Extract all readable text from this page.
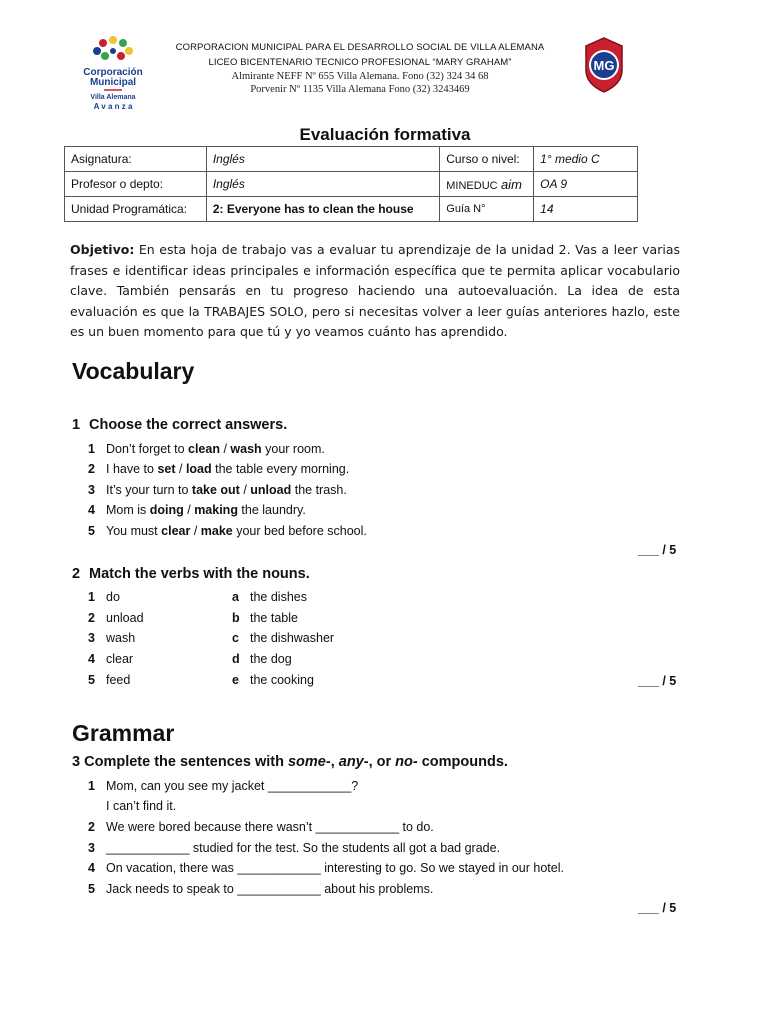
Corporación
Municipal
Villa Alemana
A v a n z a
MG
CORPORACION MUNICIPAL PARA EL DESARROLLO SOCIAL DE VILLA ALEMANA
LICEO BICENTENARIO TECNICO PROFESIONAL “MARY GRAHAM”
Almirante NEFF Nº 655 Villa Alemana. Fono (32) 324 34 68
Porvenir Nº 1135 Villa Alemana Fono (32) 3243469
Evaluación formativa
Asignatura:	Inglés	Curso o nivel:	1° medio C
Profesor o depto:	Inglés	MINEDUC aim	OA 9
Unidad Programática:	2: Everyone has to clean the house	Guía N°	14
Objetivo: En esta hoja de trabajo vas a evaluar tu aprendizaje de la unidad 2. Vas a leer varias frases e identificar ideas principales e información específica que te permita aplicar vocabulario clave. También pensarás en tu progreso haciendo una autoevaluación. La idea de esta evaluación es que la TRABAJES SOLO, pero si necesitas volver a leer guías anteriores hazlo, este es un buen momento para que tú y yo veamos cuánto has aprendido.
Vocabulary
1 Choose the correct answers.
1 Don’t forget to clean / wash your room.
2 I have to set / load the table every morning.
3 It’s your turn to take out / unload the trash.
4 Mom is doing / making the laundry.
5 You must clear / make your bed before school.
___ / 5
2 Match the verbs with the nouns.
1 do	a the dishes
2 unload	b the table
3 wash	c the dishwasher
4 clear	d the dog
5 feed	e the cooking	___ / 5
Grammar
3 Complete the sentences with some-, any-, or no- compounds.
1 Mom, can you see my jacket ____________?
I can’t find it.
2 We were bored because there wasn’t ____________ to do.
3 ____________ studied for the test. So the students all got a bad grade.
4 On vacation, there was ____________ interesting to go. So we stayed in our hotel.
5 Jack needs to speak to ____________ about his problems.
___ / 5
